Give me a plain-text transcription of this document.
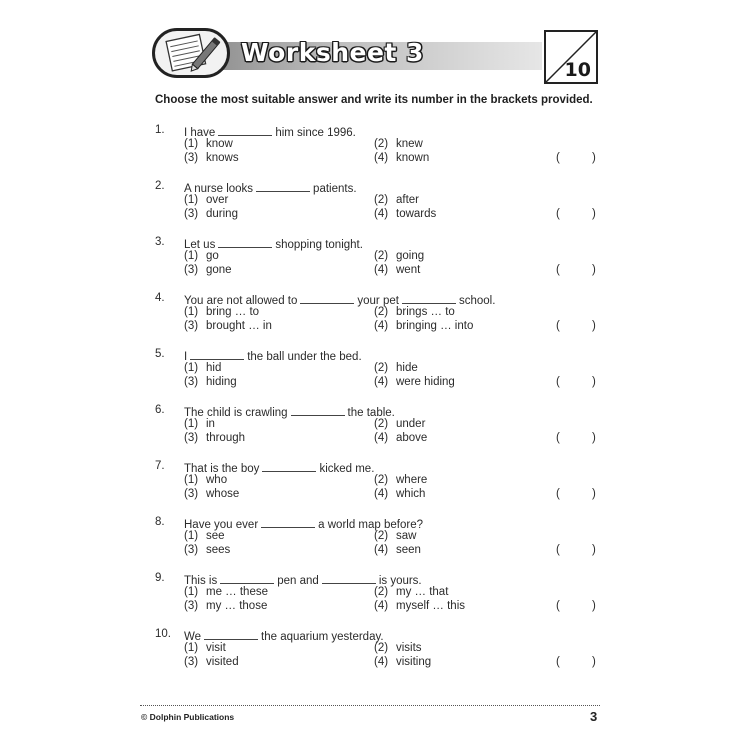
Worksheet 3
10
Choose the most suitable answer and write its number in the brackets provided.
1. I have	him since 1996.
(1) know	(2) knew
(3) knows	(4) known	(	)
2. A nurse looks	patients.
(1) over	(2) after
(3) during	(4) towards	(	)
3. Let us	shopping tonight.
(1) go	(2) going
(3) gone	(4) went	(	)
4. You are not allowed to	your pet	school.
(1) bring … to	(2) brings … to
(3) brought … in	(4) bringing … into	(	)
5. I	the ball under the bed.
(1) hid	(2) hide
(3) hiding	(4) were hiding	(	)
6. The child is crawling	the table.
(1) in	(2) under
(3) through	(4) above	(	)
7. That is the boy	kicked me.
(1) who	(2) where
(3) whose	(4) which	(	)
8. Have you ever	a world map before?
(1) see	(2) saw
(3) sees	(4) seen	(	)
9. This is	pen and	is yours.
(1) me … these	(2) my … that
(3) my … those	(4) myself … this	(	)
10. We	the aquarium yesterday.
(1) visit	(2) visits
(3) visited	(4) visiting	(	)
© Dolphin Publications	3
